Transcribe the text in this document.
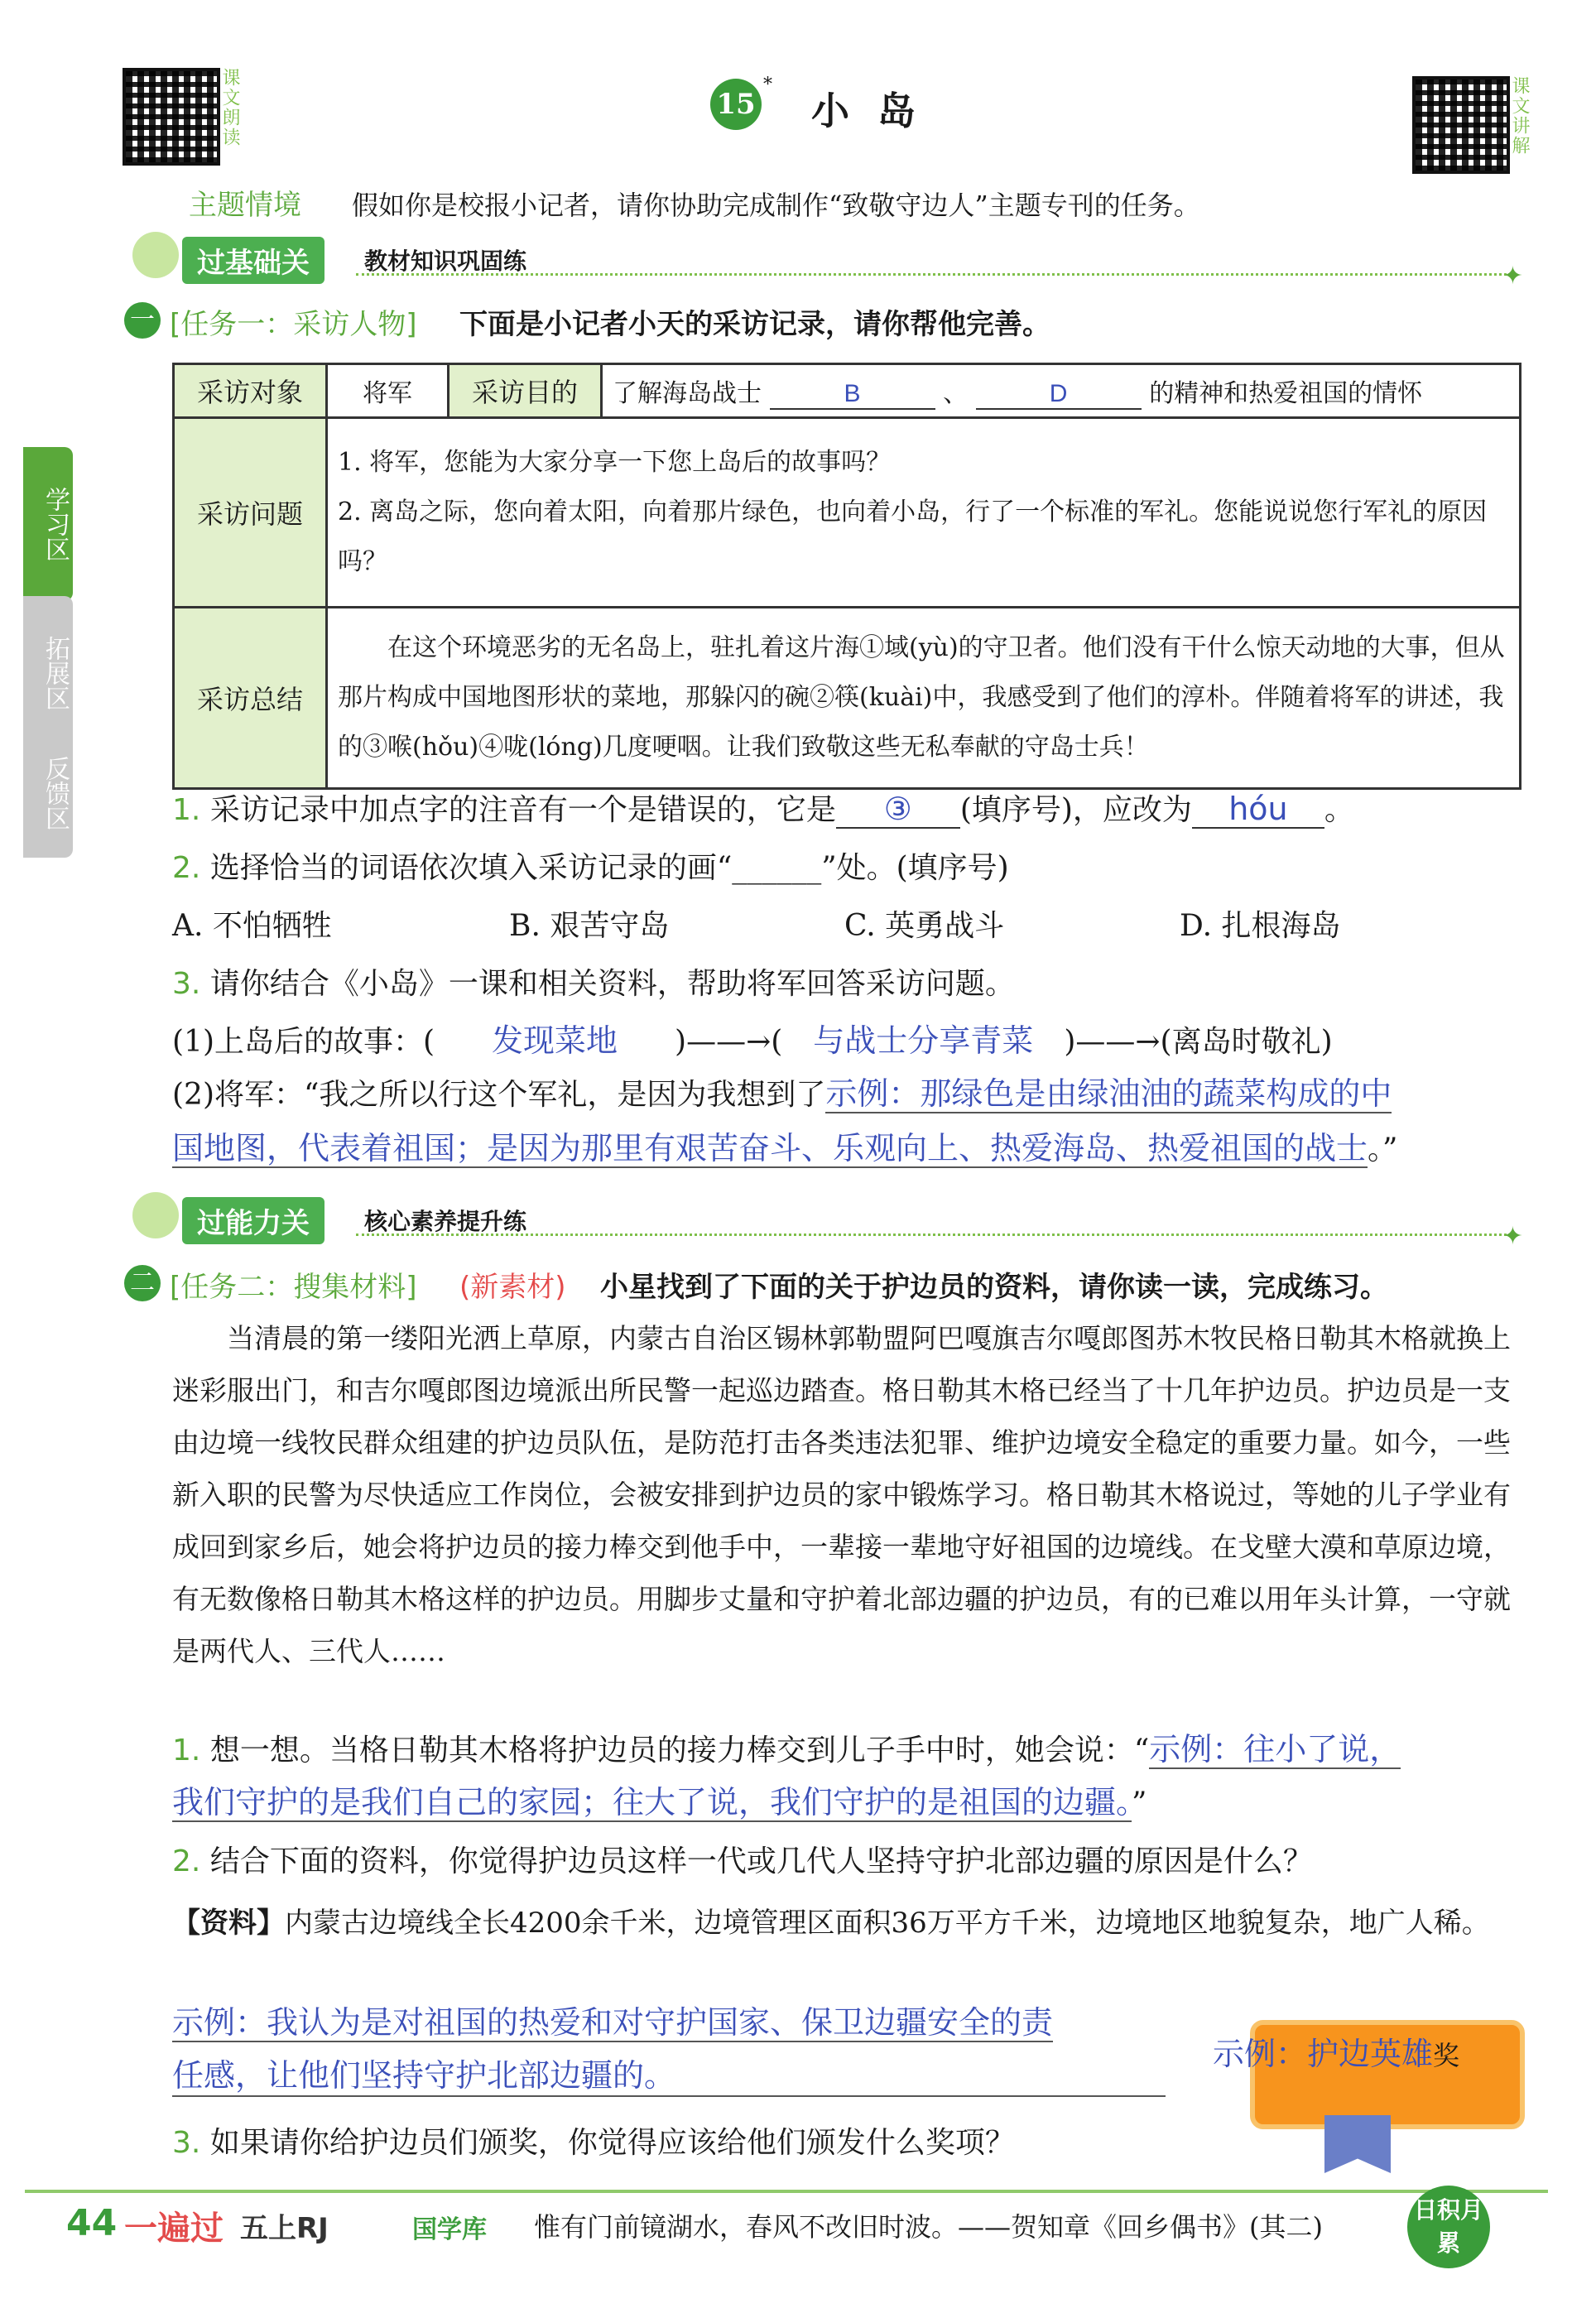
课文朗读	课文讲解
15
*
小岛
主题情境 假如你是校报小记者，请你协助完成制作“致敬守边人”主题专刊的任务。
过基础关	教材知识巩固练
✦
学习区
拓展区
反馈区
一 [任务一：采访人物] 下面是小记者小天的采访记录，请你帮他完善。
采访对象	将军	采访目的	了解海岛战士 B 、 D 的精神和热爱祖国的情怀
采访问题	1. 将军，您能为大家分享一下您上岛后的故事吗？
2. 离岛之际，您向着太阳，向着那片绿色，也向着小岛，行了一个标准的军礼。您能说说您行军礼的原因吗？		

采访总结	在这个环境恶劣的无名岛上，驻扎着这片海①域(yù)的守卫者。他们没有干什么惊天动地的大事，但从那片构成中国地图形状的菜地，那躲闪的碗②筷(kuài)中，我感受到了他们的淳朴。伴随着将军的讲述，我的③喉(hǒu)④咙(lóng)几度哽咽。让我们致敬这些无私奉献的守岛士兵！		
1. 采访记录中加点字的注音有一个是错误的，它是 ③ (填序号)，应改为 hóu 。
2. 选择恰当的词语依次填入采访记录的画“______”处。(填序号)
A. 不怕牺牲	B. 艰苦守岛	C. 英勇战斗	D. 扎根海岛
3. 请你结合《小岛》一课和相关资料，帮助将军回答采访问题。
(1)上岛后的故事：( 发现菜地 )——→( 与战士分享青菜 )——→(离岛时敬礼)
(2)将军：“我之所以行这个军礼，是因为我想到了示例：那绿色是由绿油油的蔬菜构成的中
国地图，代表着祖国；是因为那里有艰苦奋斗、乐观向上、热爱海岛、热爱祖国的战士。”
过能力关	核心素养提升练
✦
二 [任务二：搜集材料] (新素材) 小星找到了下面的关于护边员的资料，请你读一读，完成练习。
当清晨的第一缕阳光洒上草原，内蒙古自治区锡林郭勒盟阿巴嘎旗吉尔嘎郎图苏木牧民格日勒其木格就换上迷彩服出门，和吉尔嘎郎图边境派出所民警一起巡边踏查。格日勒其木格已经当了十几年护边员。护边员是一支由边境一线牧民群众组建的护边员队伍，是防范打击各类违法犯罪、维护边境安全稳定的重要力量。如今，一些新入职的民警为尽快适应工作岗位，会被安排到护边员的家中锻炼学习。格日勒其木格说过，等她的儿子学业有成回到家乡后，她会将护边员的接力棒交到他手中，一辈接一辈地守好祖国的边境线。在戈壁大漠和草原边境，有无数像格日勒其木格这样的护边员。用脚步丈量和守护着北部边疆的护边员，有的已难以用年头计算，一守就是两代人、三代人……
1. 想一想。当格日勒其木格将护边员的接力棒交到儿子手中时，她会说：“示例：往小了说，
我们守护的是我们自己的家园；往大了说，我们守护的是祖国的边疆。”
2. 结合下面的资料，你觉得护边员这样一代或几代人坚持守护北部边疆的原因是什么？
【资料】内蒙古边境线全长4200余千米，边境管理区面积36万平方千米，边境地区地貌复杂，地广人稀。
示例：我认为是对祖国的热爱和对守护国家、保卫边疆安全的责
任感，让他们坚持守护北部边疆的。
示例：护边英雄奖
3. 如果请你给护边员们颁奖，你觉得应该给他们颁发什么奖项？
44 一遍过 五上RJ	国学库 惟有门前镜湖水，春风不改旧时波。——贺知章《回乡偶书》(其二)
日积月累
